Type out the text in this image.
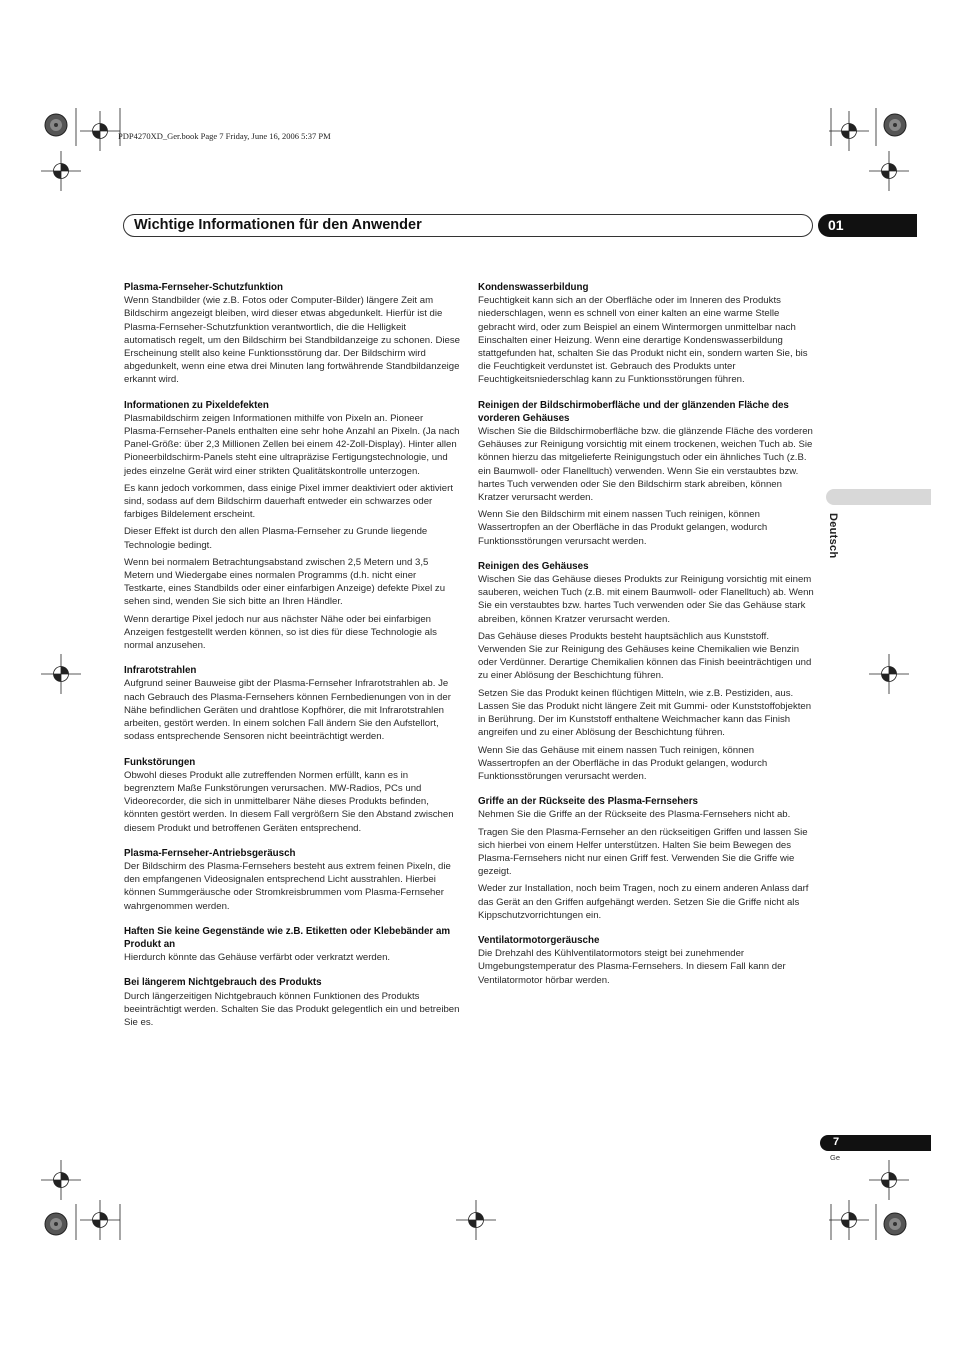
PDP4270XD_Ger.book Page 7 Friday, June 16, 2006 5:37 PM
Wichtige Informationen für den Anwender	01
Deutsch
Plasma-Fernseher-Schutzfunktion

Wenn Standbilder (wie z.B. Fotos oder Computer-Bilder) längere Zeit am Bildschirm angezeigt bleiben, wird dieser etwas abgedunkelt. Hierfür ist die Plasma-Fernseher-Schutzfunktion verantwortlich, die die Helligkeit automatisch regelt, um den Bildschirm bei Standbildanzeige zu schonen. Diese Erscheinung stellt also keine Funktionsstörung dar. Der Bildschirm wird abgedunkelt, wenn eine etwa drei Minuten lang fortwährende Standbildanzeige erkannt wird.

Informationen zu Pixeldefekten

Plasmabildschirm zeigen Informationen mithilfe von Pixeln an. Pioneer Plasma-Fernseher-Panels enthalten eine sehr hohe Anzahl an Pixeln. (Ja nach Panel-Größe: über 2,3 Millionen Zellen bei einem 42-Zoll-Display). Hinter allen Pioneerbildschirm-Panels steht eine ultrapräzise Fertigungstechnologie, und jedes einzelne Gerät wird einer strikten Qualitätskontrolle unterzogen.

Es kann jedoch vorkommen, dass einige Pixel immer deaktiviert oder aktiviert sind, sodass auf dem Bildschirm dauerhaft entweder ein schwarzes oder farbiges Bildelement erscheint.

Dieser Effekt ist durch den allen Plasma-Fernseher zu Grunde liegende Technologie bedingt.

Wenn bei normalem Betrachtungsabstand zwischen 2,5 Metern und 3,5 Metern und Wiedergabe eines normalen Programms (d.h. nicht einer Testkarte, eines Standbilds oder einer einfarbigen Anzeige) defekte Pixel zu sehen sind, wenden Sie sich bitte an Ihren Händler.

Wenn derartige Pixel jedoch nur aus nächster Nähe oder bei einfarbigen Anzeigen festgestellt werden können, so ist dies für diese Technologie als normal anzusehen.

Infrarotstrahlen

Aufgrund seiner Bauweise gibt der Plasma-Fernseher Infrarotstrahlen ab. Je nach Gebrauch des Plasma-Fernsehers können Fernbedienungen von in der Nähe befindlichen Geräten und drahtlose Kopfhörer, die mit Infrarotstrahlen arbeiten, gestört werden. In einem solchen Fall ändern Sie den Aufstellort, sodass entsprechende Sensoren nicht beeinträchtigt werden.

Funkstörungen

Obwohl dieses Produkt alle zutreffenden Normen erfüllt, kann es in begrenztem Maße Funkstörungen verursachen. MW-Radios, PCs und Videorecorder, die sich in unmittelbarer Nähe dieses Produkts befinden, könnten gestört werden. In diesem Fall vergrößern Sie den Abstand zwischen diesem Produkt und betroffenen Geräten entsprechend.

Plasma-Fernseher-Antriebsgeräusch

Der Bildschirm des Plasma-Fernsehers besteht aus extrem feinen Pixeln, die den empfangenen Videosignalen entsprechend Licht ausstrahlen. Hierbei können Summgeräusche oder Stromkreisbrummen vom Plasma-Fernseher wahrgenommen werden.

Haften Sie keine Gegenstände wie z.B. Etiketten oder Klebebänder am Produkt an

Hierdurch könnte das Gehäuse verfärbt oder verkratzt werden.

Bei längerem Nichtgebrauch des Produkts

Durch längerzeitigen Nichtgebrauch können Funktionen des Produkts beeinträchtigt werden. Schalten Sie das Produkt gelegentlich ein und betreiben Sie es.

Kondenswasserbildung

Feuchtigkeit kann sich an der Oberfläche oder im Inneren des Produkts niederschlagen, wenn es schnell von einer kalten an eine warme Stelle gebracht wird, oder zum Beispiel an einem Wintermorgen unmittelbar nach Einschalten einer Heizung. Wenn eine derartige Kondenswasserbildung stattgefunden hat, schalten Sie das Produkt nicht ein, sondern warten Sie, bis die Feuchtigkeit verdunstet ist. Gebrauch des Produkts unter Feuchtigkeitsniederschlag kann zu Funktionsstörungen führen.

Reinigen der Bildschirmoberfläche und der glänzenden Fläche des vorderen Gehäuses

Wischen Sie die Bildschirmoberfläche bzw. die glänzende Fläche des vorderen Gehäuses zur Reinigung vorsichtig mit einem trockenen, weichen Tuch ab. Sie können hierzu das mitgelieferte Reinigungstuch oder ein ähnliches Tuch (z.B. ein Baumwoll- oder Flanelltuch) verwenden. Wenn Sie ein verstaubtes bzw. hartes Tuch verwenden oder Sie den Bildschirm stark abreiben, können Kratzer verursacht werden.

Wenn Sie den Bildschirm mit einem nassen Tuch reinigen, können Wassertropfen an der Oberfläche in das Produkt gelangen, wodurch Funktionsstörungen verursacht werden.

Reinigen des Gehäuses

Wischen Sie das Gehäuse dieses Produkts zur Reinigung vorsichtig mit einem sauberen, weichen Tuch (z.B. mit einem Baumwoll- oder Flanelltuch) ab. Wenn Sie ein verstaubtes bzw. hartes Tuch verwenden oder Sie das Gehäuse stark abreiben, können Kratzer verursacht werden.

Das Gehäuse dieses Produkts besteht hauptsächlich aus Kunststoff. Verwenden Sie zur Reinigung des Gehäuses keine Chemikalien wie Benzin oder Verdünner. Derartige Chemikalien können das Finish beeinträchtigen und zu einer Ablösung der Beschichtung führen.

Setzen Sie das Produkt keinen flüchtigen Mitteln, wie z.B. Pestiziden, aus. Lassen Sie das Produkt nicht längere Zeit mit Gummi- oder Kunststoffobjekten in Berührung. Der im Kunststoff enthaltene Weichmacher kann das Finish angreifen und zu einer Ablösung der Beschichtung führen.

Wenn Sie das Gehäuse mit einem nassen Tuch reinigen, können Wassertropfen an der Oberfläche in das Produkt gelangen, wodurch Funktionsstörungen verursacht werden.

Griffe an der Rückseite des Plasma-Fernsehers

Nehmen Sie die Griffe an der Rückseite des Plasma-Fernsehers nicht ab.

Tragen Sie den Plasma-Fernseher an den rückseitigen Griffen und lassen Sie sich hierbei von einem Helfer unterstützen. Halten Sie beim Bewegen des Plasma-Fernsehers nicht nur einen Griff fest. Verwenden Sie die Griffe wie gezeigt.

Weder zur Installation, noch beim Tragen, noch zu einem anderen Anlass darf das Gerät an den Griffen aufgehängt werden. Setzen Sie die Griffe nicht als Kippschutzvorrichtungen ein.

Ventilatormotorgeräusche

Die Drehzahl des Kühlventilatormotors steigt bei zunehmender Umgebungstemperatur des Plasma-Fernsehers. In diesem Fall kann der Ventilatormotor hörbar werden.

7
Ge
